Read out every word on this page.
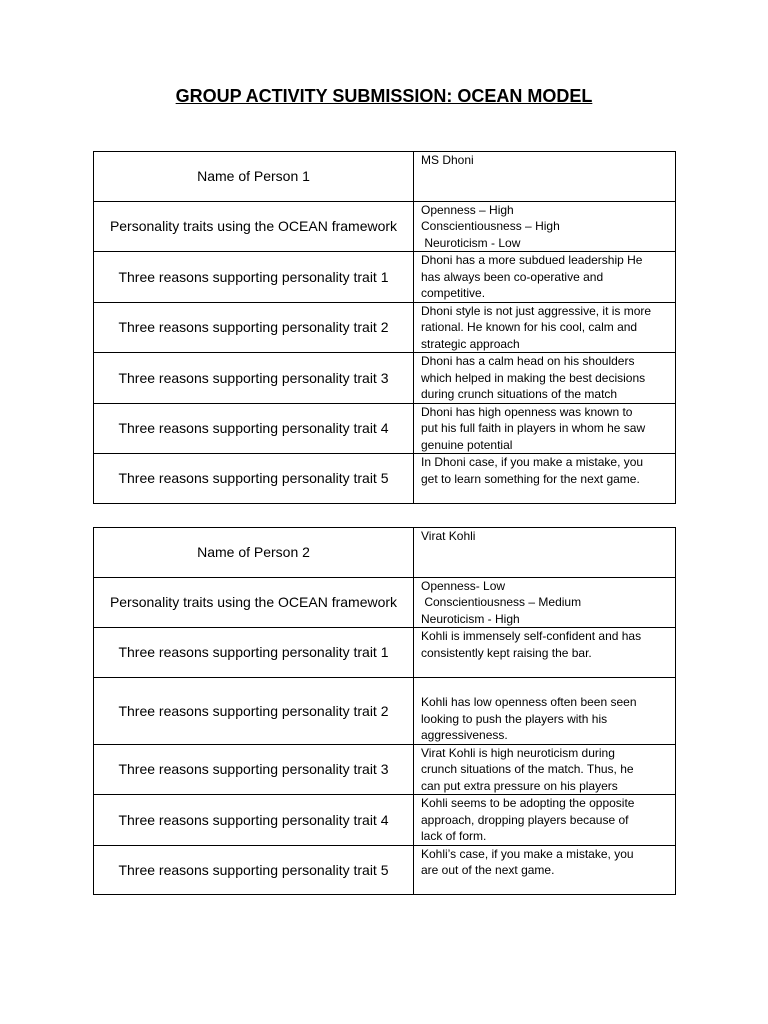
GROUP ACTIVITY SUBMISSION: OCEAN MODEL
Name of Person 1	MS Dhoni

Personality traits using the OCEAN framework	Openness – High
Conscientiousness – High
Neuroticism - Low

Three reasons supporting personality trait 1	Dhoni has a more subdued leadership He
has always been co-operative and
competitive.

Three reasons supporting personality trait 2	Dhoni style is not just aggressive, it is more
rational. He known for his cool, calm and
strategic approach

Three reasons supporting personality trait 3	Dhoni has a calm head on his shoulders
which helped in making the best decisions
during crunch situations of the match

Three reasons supporting personality trait 4	Dhoni has high openness was known to
put his full faith in players in whom he saw
genuine potential

Three reasons supporting personality trait 5	In Dhoni case, if you make a mistake, you
get to learn something for the next game.
Name of Person 2	Virat Kohli

Personality traits using the OCEAN framework	Openness- Low
Conscientiousness – Medium
Neuroticism - High

Three reasons supporting personality trait 1	Kohli is immensely self-confident and has
consistently kept raising the bar.

Three reasons supporting personality trait 2	Kohli has low openness often been seen
looking to push the players with his
aggressiveness.

Three reasons supporting personality trait 3	Virat Kohli is high neuroticism during
crunch situations of the match. Thus, he
can put extra pressure on his players

Three reasons supporting personality trait 4	Kohli seems to be adopting the opposite
approach, dropping players because of
lack of form.

Three reasons supporting personality trait 5	Kohli’s case, if you make a mistake, you
are out of the next game.
